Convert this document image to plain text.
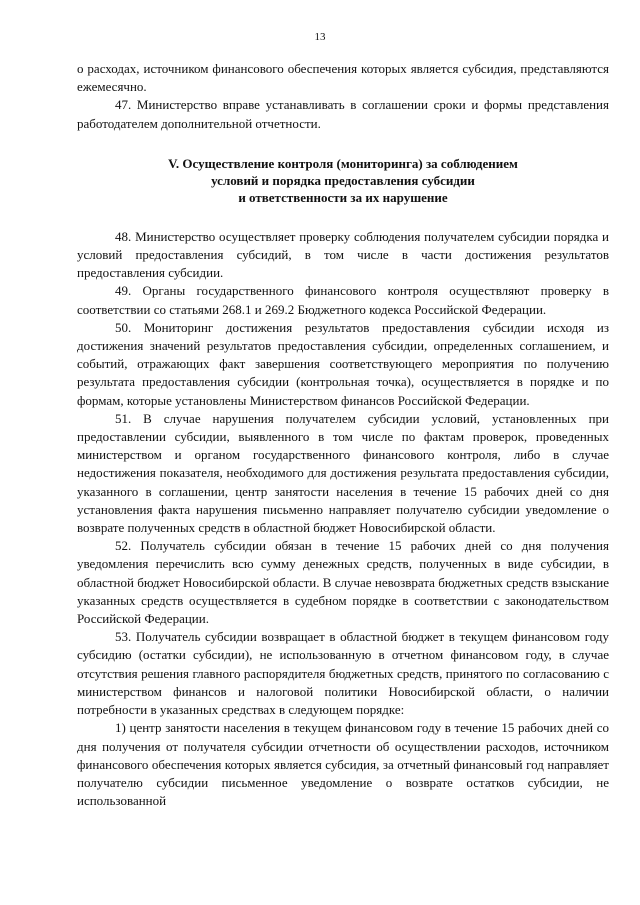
13

о расходах, источником финансового обеспечения которых является субсидия, представляются ежемесячно.

47. Министерство вправе устанавливать в соглашении сроки и формы представления работодателем дополнительной отчетности.

V. Осуществление контроля (мониторинга) за соблюдением
условий и порядка предоставления субсидии
и ответственности за их нарушение

48. Министерство осуществляет проверку соблюдения получателем субсидии порядка и условий предоставления субсидий, в том числе в части достижения результатов предоставления субсидии.

49. Органы государственного финансового контроля осуществляют проверку в соответствии со статьями 268.1 и 269.2 Бюджетного кодекса Российской Федерации.

50. Мониторинг достижения результатов предоставления субсидии исходя из достижения значений результатов предоставления субсидии, определенных соглашением, и событий, отражающих факт завершения соответствующего мероприятия по получению результата предоставления субсидии (контрольная точка), осуществляется в порядке и по формам, которые установлены Министерством финансов Российской Федерации.

51. В случае нарушения получателем субсидии условий, установленных при предоставлении субсидии, выявленного в том числе по фактам проверок, проведенных министерством и органом государственного финансового контроля, либо в случае недостижения показателя, необходимого для достижения результата предоставления субсидии, указанного в соглашении, центр занятости населения в течение 15 рабочих дней со дня установления факта нарушения письменно направляет получателю субсидии уведомление о возврате полученных средств в областной бюджет Новосибирской области.

52. Получатель субсидии обязан в течение 15 рабочих дней со дня получения уведомления перечислить всю сумму денежных средств, полученных в виде субсидии, в областной бюджет Новосибирской области. В случае невозврата бюджетных средств взыскание указанных средств осуществляется в судебном порядке в соответствии с законодательством Российской Федерации.

53. Получатель субсидии возвращает в областной бюджет в текущем финансовом году субсидию (остатки субсидии), не использованную в отчетном финансовом году, в случае отсутствия решения главного распорядителя бюджетных средств, принятого по согласованию с министерством финансов и налоговой политики Новосибирской области, о наличии потребности в указанных средствах в следующем порядке:

1) центр занятости населения в текущем финансовом году в течение 15 рабочих дней со дня получения от получателя субсидии отчетности об осуществлении расходов, источником финансового обеспечения которых является субсидия, за отчетный финансовый год направляет получателю субсидии письменное уведомление о возврате остатков субсидии, не использованной
